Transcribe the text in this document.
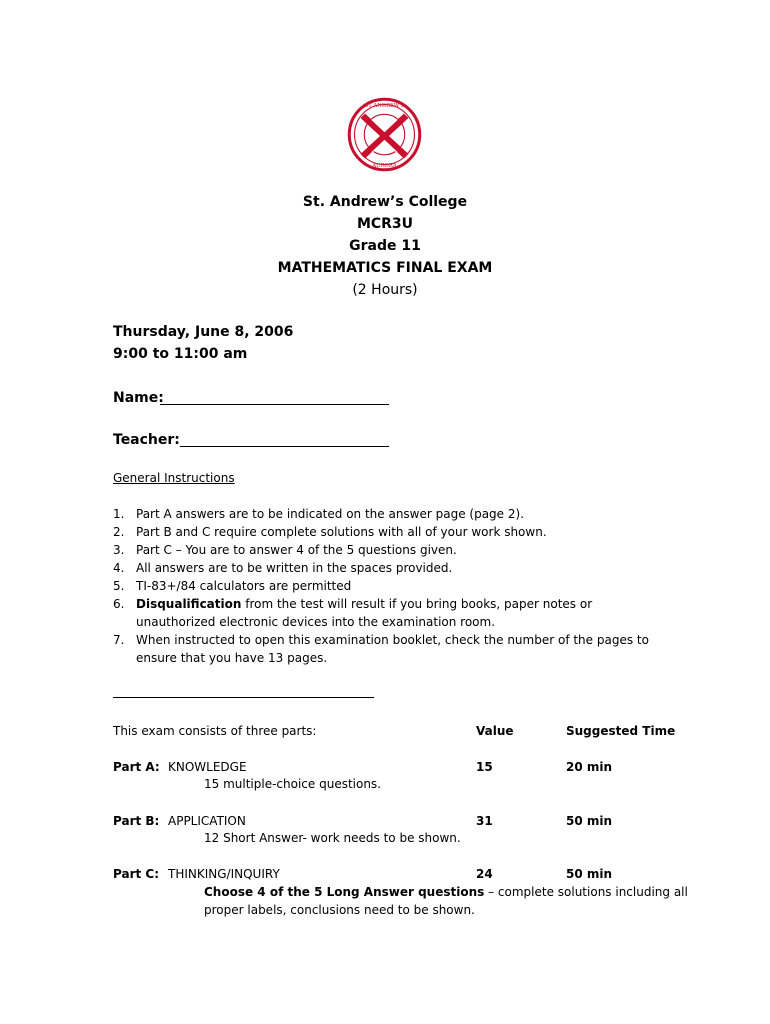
ST ANDREW'S
AURORA
St. Andrew’s College
MCR3U
Grade 11
MATHEMATICS FINAL EXAM
(2 Hours)
Thursday, June 8, 2006
9:00 to 11:00 am
Name:
Teacher:
General Instructions
1. Part A answers are to be indicated on the answer page (page 2).
2. Part B and C require complete solutions with all of your work shown.
3. Part C – You are to answer 4 of the 5 questions given.
4. All answers are to be written in the spaces provided.
5. TI-83+/84 calculators are permitted
6. Disqualification from the test will result if you bring books, paper notes or unauthorized electronic devices into the examination room.
7. When instructed to open this examination booklet, check the number of the pages to ensure that you have 13 pages.
This exam consists of three parts:	Value	Suggested Time
Part A: KNOWLEDGE	15	20 min
15 multiple-choice questions.
Part B: APPLICATION	31	50 min
12 Short Answer- work needs to be shown.
Part C: THINKING/INQUIRY	24	50 min
Choose 4 of the 5 Long Answer questions – complete solutions including all
proper labels, conclusions need to be shown.
